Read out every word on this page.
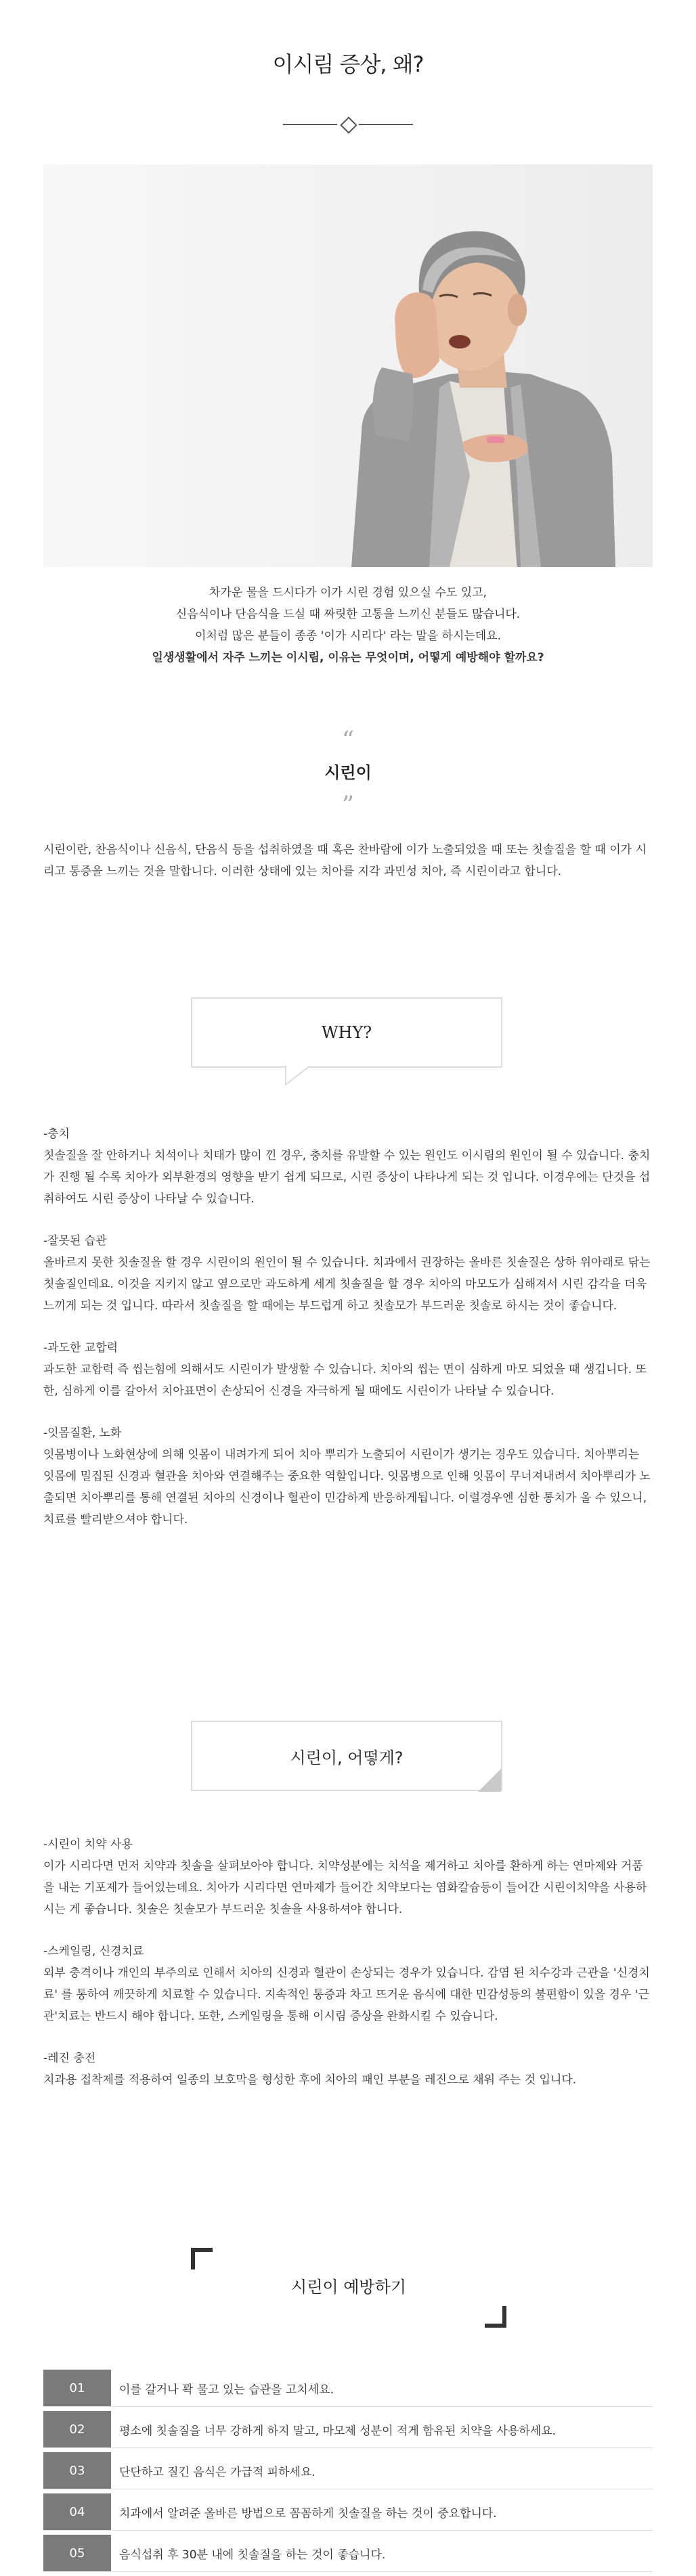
이시림 증상, 왜?

차가운 물을 드시다가 이가 시린 경험 있으실 수도 있고,

신음식이나 단음식을 드실 때 짜릿한 고통을 느끼신 분들도 많습니다.

이처럼 많은 분들이 종종 '이가 시리다' 라는 말을 하시는데요.

일생생활에서 자주 느끼는 이시림, 이유는 무엇이며, 어떻게 예방해야 할까요?

“
시린이
”

시린이란, 찬음식이나 신음식, 단음식 등을 섭취하였을 때 혹은 찬바람에 이가 노출되었을 때 또는 칫솔질을 할 때 이가 시리고 통증을 느끼는 것을 말합니다. 이러한 상태에 있는 치아를 지각 과민성 치아, 즉 시린이라고 합니다.

WHY?

-충치

칫솔질을 잘 안하거나 치석이나 치태가 많이 낀 경우, 충치를 유발할 수 있는 원인도 이시림의 원인이 될 수 있습니다. 충치가 진행 될 수록 치아가 외부환경의 영향을 받기 쉽게 되므로, 시린 증상이 나타나게 되는 것 입니다. 이경우에는 단것을 섭취하여도 시린 증상이 나타날 수 있습니다.

-잘못된 습관

올바르지 못한 칫솔질을 할 경우 시린이의 원인이 될 수 있습니다. 치과에서 권장하는 올바른 칫솔질은 상하 위아래로 닦는 칫솔질인데요. 이것을 지키지 않고 옆으로만 과도하게 세게 칫솔질을 할 경우 치아의 마모도가 심해져서 시린 감각을 더욱 느끼게 되는 것 입니다. 따라서 칫솔질을 할 때에는 부드럽게 하고 칫솔모가 부드러운 칫솔로 하시는 것이 좋습니다.

-과도한 교합력

과도한 교합력 즉 씹는힘에 의해서도 시린이가 발생할 수 있습니다. 치아의 씹는 면이 심하게 마모 되었을 때 생깁니다. 또한, 심하게 이를 갈아서 치아표면이 손상되어 신경을 자극하게 될 때에도 시린이가 나타날 수 있습니다.

-잇몸질환, 노화

잇몸병이나 노화현상에 의해 잇몸이 내려가게 되어 치아 뿌리가 노출되어 시린이가 생기는 경우도 있습니다. 치아뿌리는 잇몸에 밀집된 신경과 혈관을 치아와 연결해주는 중요한 역할입니다. 잇몸병으로 인해 잇몸이 무너져내려서 치아뿌리가 노출되면 치아뿌리를 통해 연결된 치아의 신경이나 혈관이 민감하게 반응하게됩니다. 이럴경우엔 심한 통치가 올 수 있으니, 치료를 빨리받으셔야 합니다.

시린이, 어떻게?

-시린이 치약 사용

이가 시리다면 먼저 치약과 칫솔을 살펴보아야 합니다. 치약성분에는 치석을 제거하고 치아를 환하게 하는 연마제와 거품을 내는 기포제가 들어있는데요. 치아가 시리다면 연마제가 들어간 치약보다는 염화칼슘등이 들어간 시린이치약을 사용하시는 게 좋습니다. 칫솔은 칫솔모가 부드러운 칫솔을 사용하셔야 합니다.

-스케일링, 신경치료

외부 충격이나 개인의 부주의로 인해서 치아의 신경과 혈관이 손상되는 경우가 있습니다. 감염 된 치수강과 근관을 '신경치료' 를 통하여 깨끗하게 치료할 수 있습니다. 지속적인 통증과 차고 뜨거운 음식에 대한 민감성등의 불편함이 있을 경우 '근관'치료는 반드시 해야 합니다. 또한, 스케일링을 통해 이시림 증상을 완화시킬 수 있습니다.

-레진 충전

치과용 접착제를 적용하여 일종의 보호막을 형성한 후에 치아의 패인 부분을 레진으로 채워 주는 것 입니다.

시린이 예방하기
01	이를 갈거나 꽉 물고 있는 습관을 고치세요.
02	평소에 칫솔질을 너무 강하게 하지 말고, 마모제 성분이 적게 함유된 치약을 사용하세요.
03	단단하고 질긴 음식은 가급적 피하세요.
04	치과에서 알려준 올바른 방법으로 꼼꼼하게 칫솔질을 하는 것이 중요합니다.
05	음식섭취 후 30분 내에 칫솔질을 하는 것이 좋습니다.
